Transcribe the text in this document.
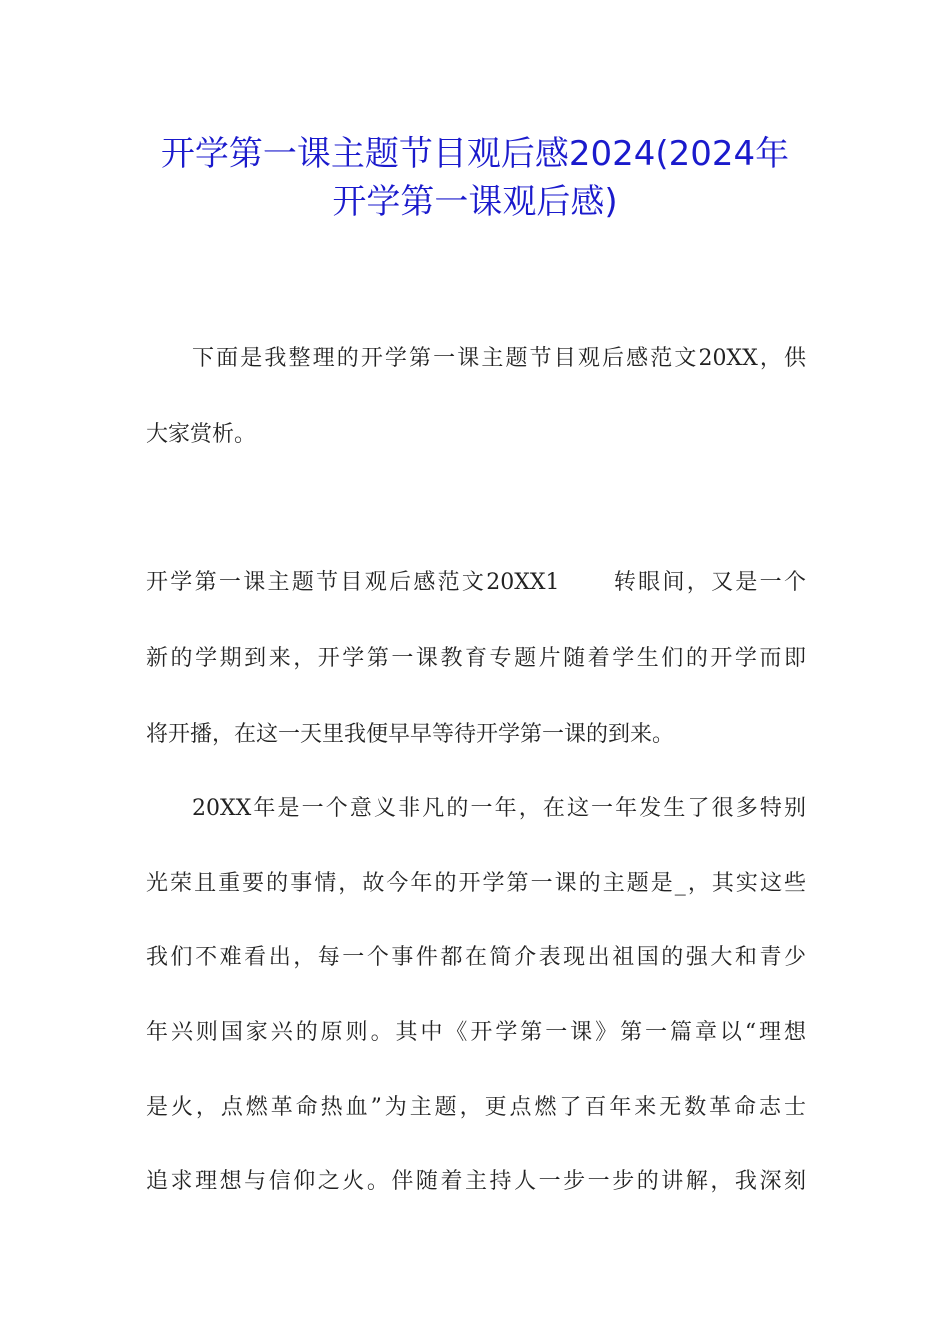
开学第一课主题节目观后感2024(2024年
开学第一课观后感)

下面是我整理的开学第一课主题节目观后感范文20XX，供

大家赏析。

开学第一课主题节目观后感范文20XX1 转眼间，又是一个

新的学期到来，开学第一课教育专题片随着学生们的开学而即

将开播，在这一天里我便早早等待开学第一课的到来。

20XX年是一个意义非凡的一年，在这一年发生了很多特别

光荣且重要的事情，故今年的开学第一课的主题是_，其实这些

我们不难看出，每一个事件都在简介表现出祖国的强大和青少

年兴则国家兴的原则。其中《开学第一课》第一篇章以“理想

是火，点燃革命热血”为主题，更点燃了百年来无数革命志士

追求理想与信仰之火。伴随着主持人一步一步的讲解，我深刻
